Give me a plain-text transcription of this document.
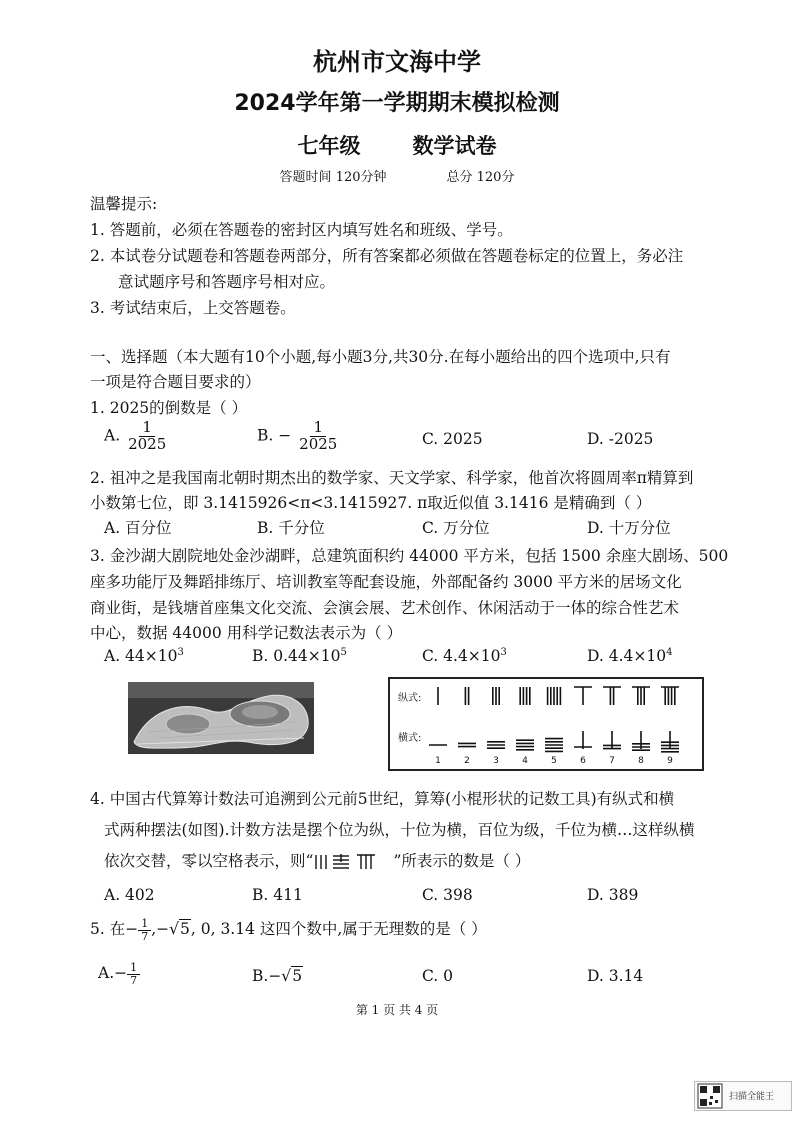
杭州市文海中学
2024学年第一学期期末模拟检测
七年级 数学试卷
答题时间 120分钟	总分 120分
温馨提示:
1. 答题前，必须在答题卷的密封区内填写姓名和班级、学号。
2. 本试卷分试题卷和答题卷两部分，所有答案都必须做在答题卷标定的位置上，务必注
意试题序号和答题序号相对应。
3. 考试结束后，上交答题卷。
一、选择题（本大题有10个小题,每小题3分,共30分.在每小题给出的四个选项中,只有
一项是符合题目要求的）
1. 2025的倒数是（ ）
A. $\frac{1}{2025}$	B. − $\frac{1}{2025}$	C. 2025	D. -2025
2. 祖冲之是我国南北朝时期杰出的数学家、天文学家、科学家，他首次将圆周率π精算到
小数第七位，即 3.1415926<π<3.1415927. π取近似值 3.1416 是精确到（ ）
A. 百分位	B. 千分位	C. 万分位	D. 十万分位
3. 金沙湖大剧院地处金沙湖畔，总建筑面积约 44000 平方米，包括 1500 余座大剧场、500
座多功能厅及舞蹈排练厅、培训教室等配套设施，外部配备约 3000 平方米的居场文化
商业街，是钱塘首座集文化交流、会演会展、艺术创作、休闲活动于一体的综合性艺术
中心，数据 44000 用科学记数法表示为（ ）
A. $44\times 10^3$	B. $0.44\times 10^5$	C. $4.4\times 10^3$	D. $4.4\times 10^4$
纵式:
横式:
1	2	3	4	5	6	7	8	9
4. 中国古代算筹计数法可追溯到公元前5世纪，算筹(小棍形状的记数工具)有纵式和横
式两种摆法(如图).计数方法是摆个位为纵，十位为横，百位为级，千位为横…这样纵横
依次交替，零以空格表示，则“	”所表示的数是（ ）
A. 402	B. 411	C. 398	D. 389
5. 在− $\frac{1}{7} ,-√5$, 0, 3.14 这四个数中,属于无理数的是（ ）
$A.- \frac{1}{7}$	B.−√5	C. 0	D. 3.14
第 1 页 共 4 页
扫描全能王
